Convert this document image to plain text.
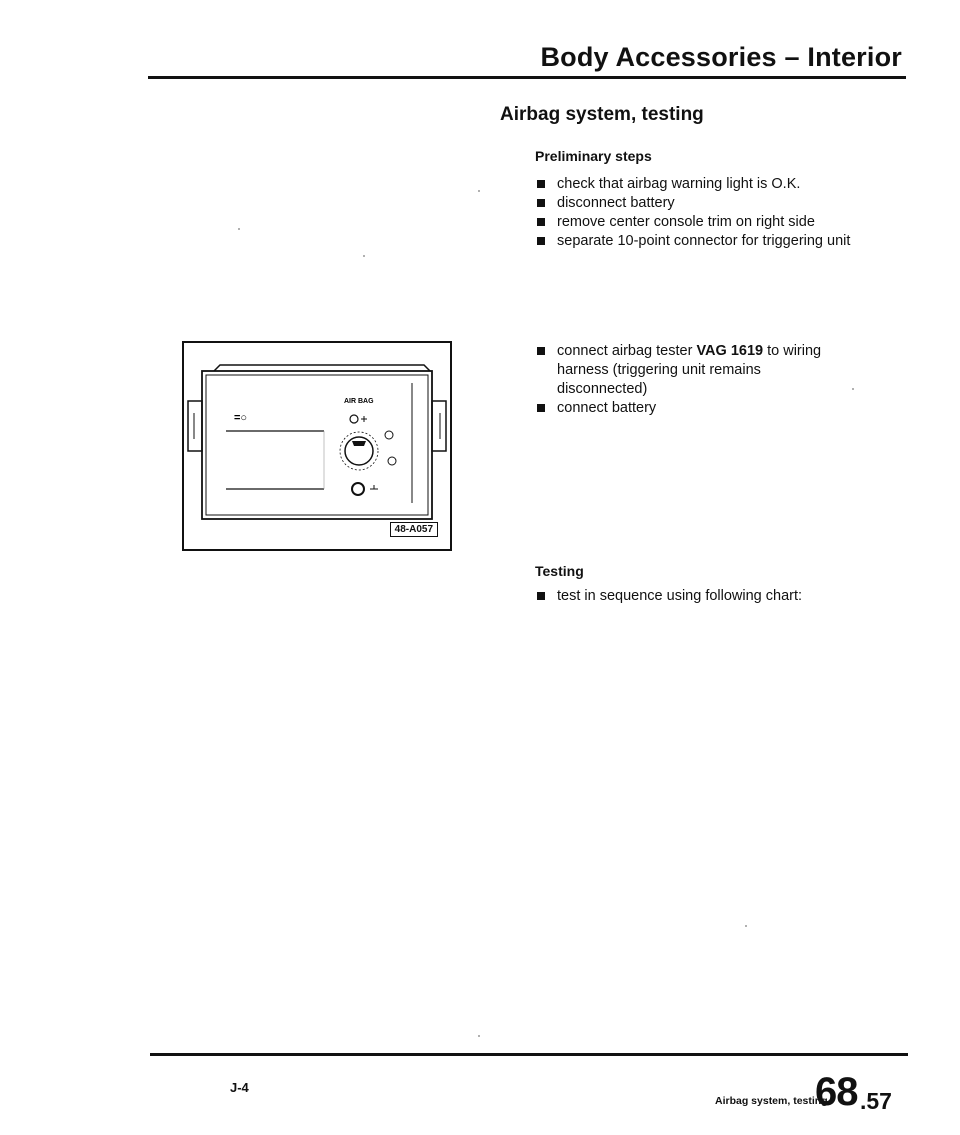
Body Accessories – Interior
Airbag system, testing
Preliminary steps
check that airbag warning light is O.K.
disconnect battery
remove center console trim on right side
separate 10-point connector for triggering unit
connect airbag tester VAG 1619 to wiring harness (triggering unit remains disconnected)
connect battery
Testing
test in sequence using following chart:
=○
AIR BAG
48-A057
J-4
Airbag system, testing
68 .57
